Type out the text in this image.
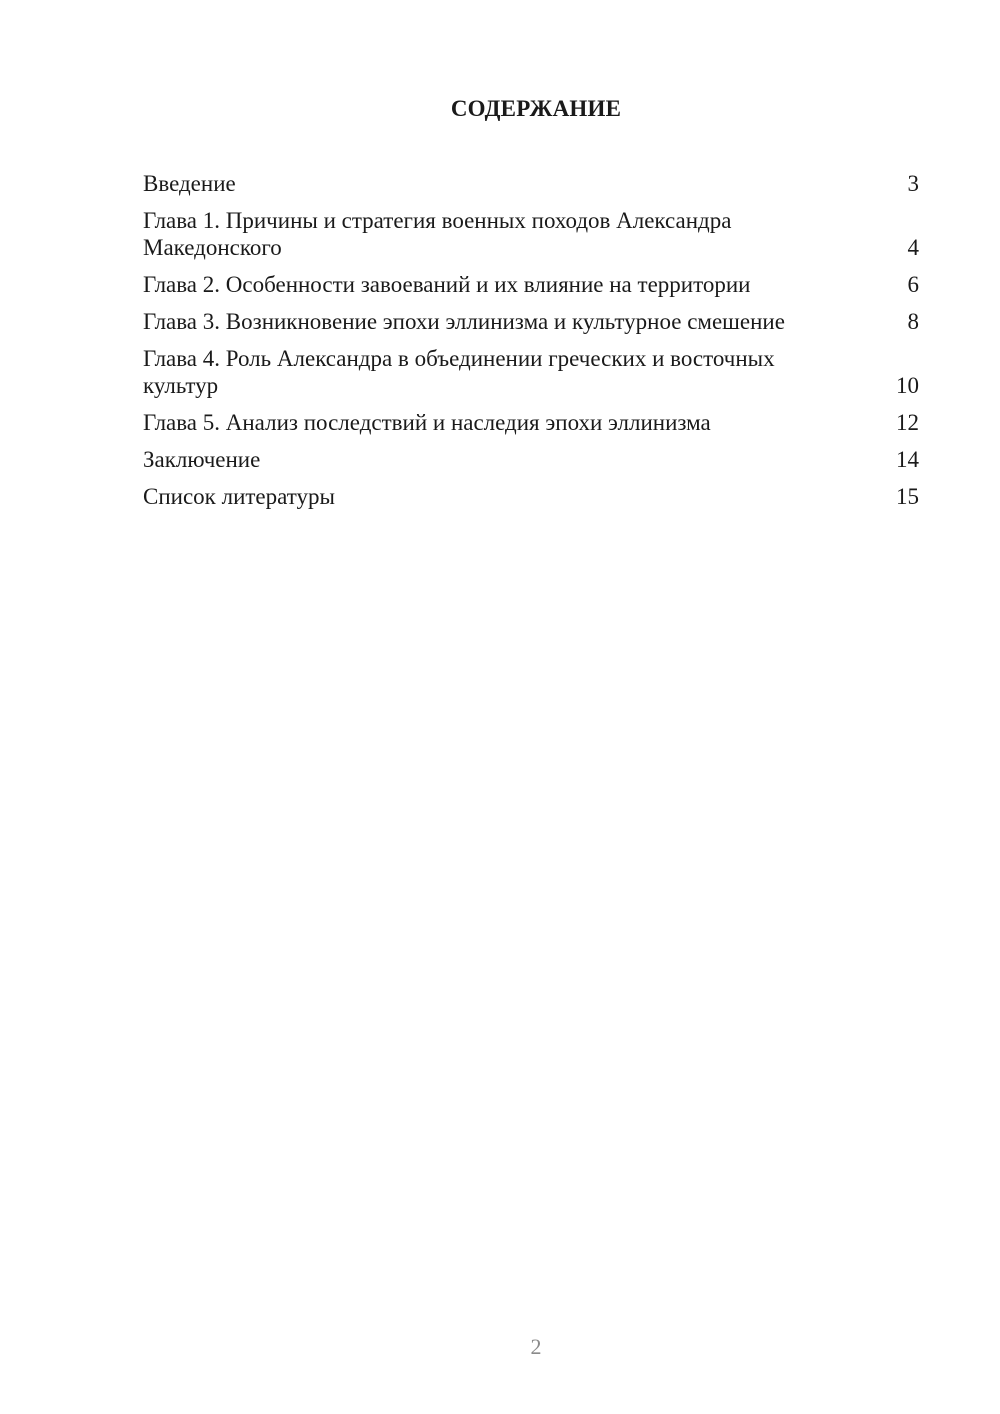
СОДЕРЖАНИЕ
Введение	3
Глава 1. Причины и стратегия военных походов Александра Македонского	4
Глава 2. Особенности завоеваний и их влияние на территории	6
Глава 3. Возникновение эпохи эллинизма и культурное смешение	8
Глава 4. Роль Александра в объединении греческих и восточных культур	10
Глава 5. Анализ последствий и наследия эпохи эллинизма	12
Заключение	14
Список литературы	15
2
